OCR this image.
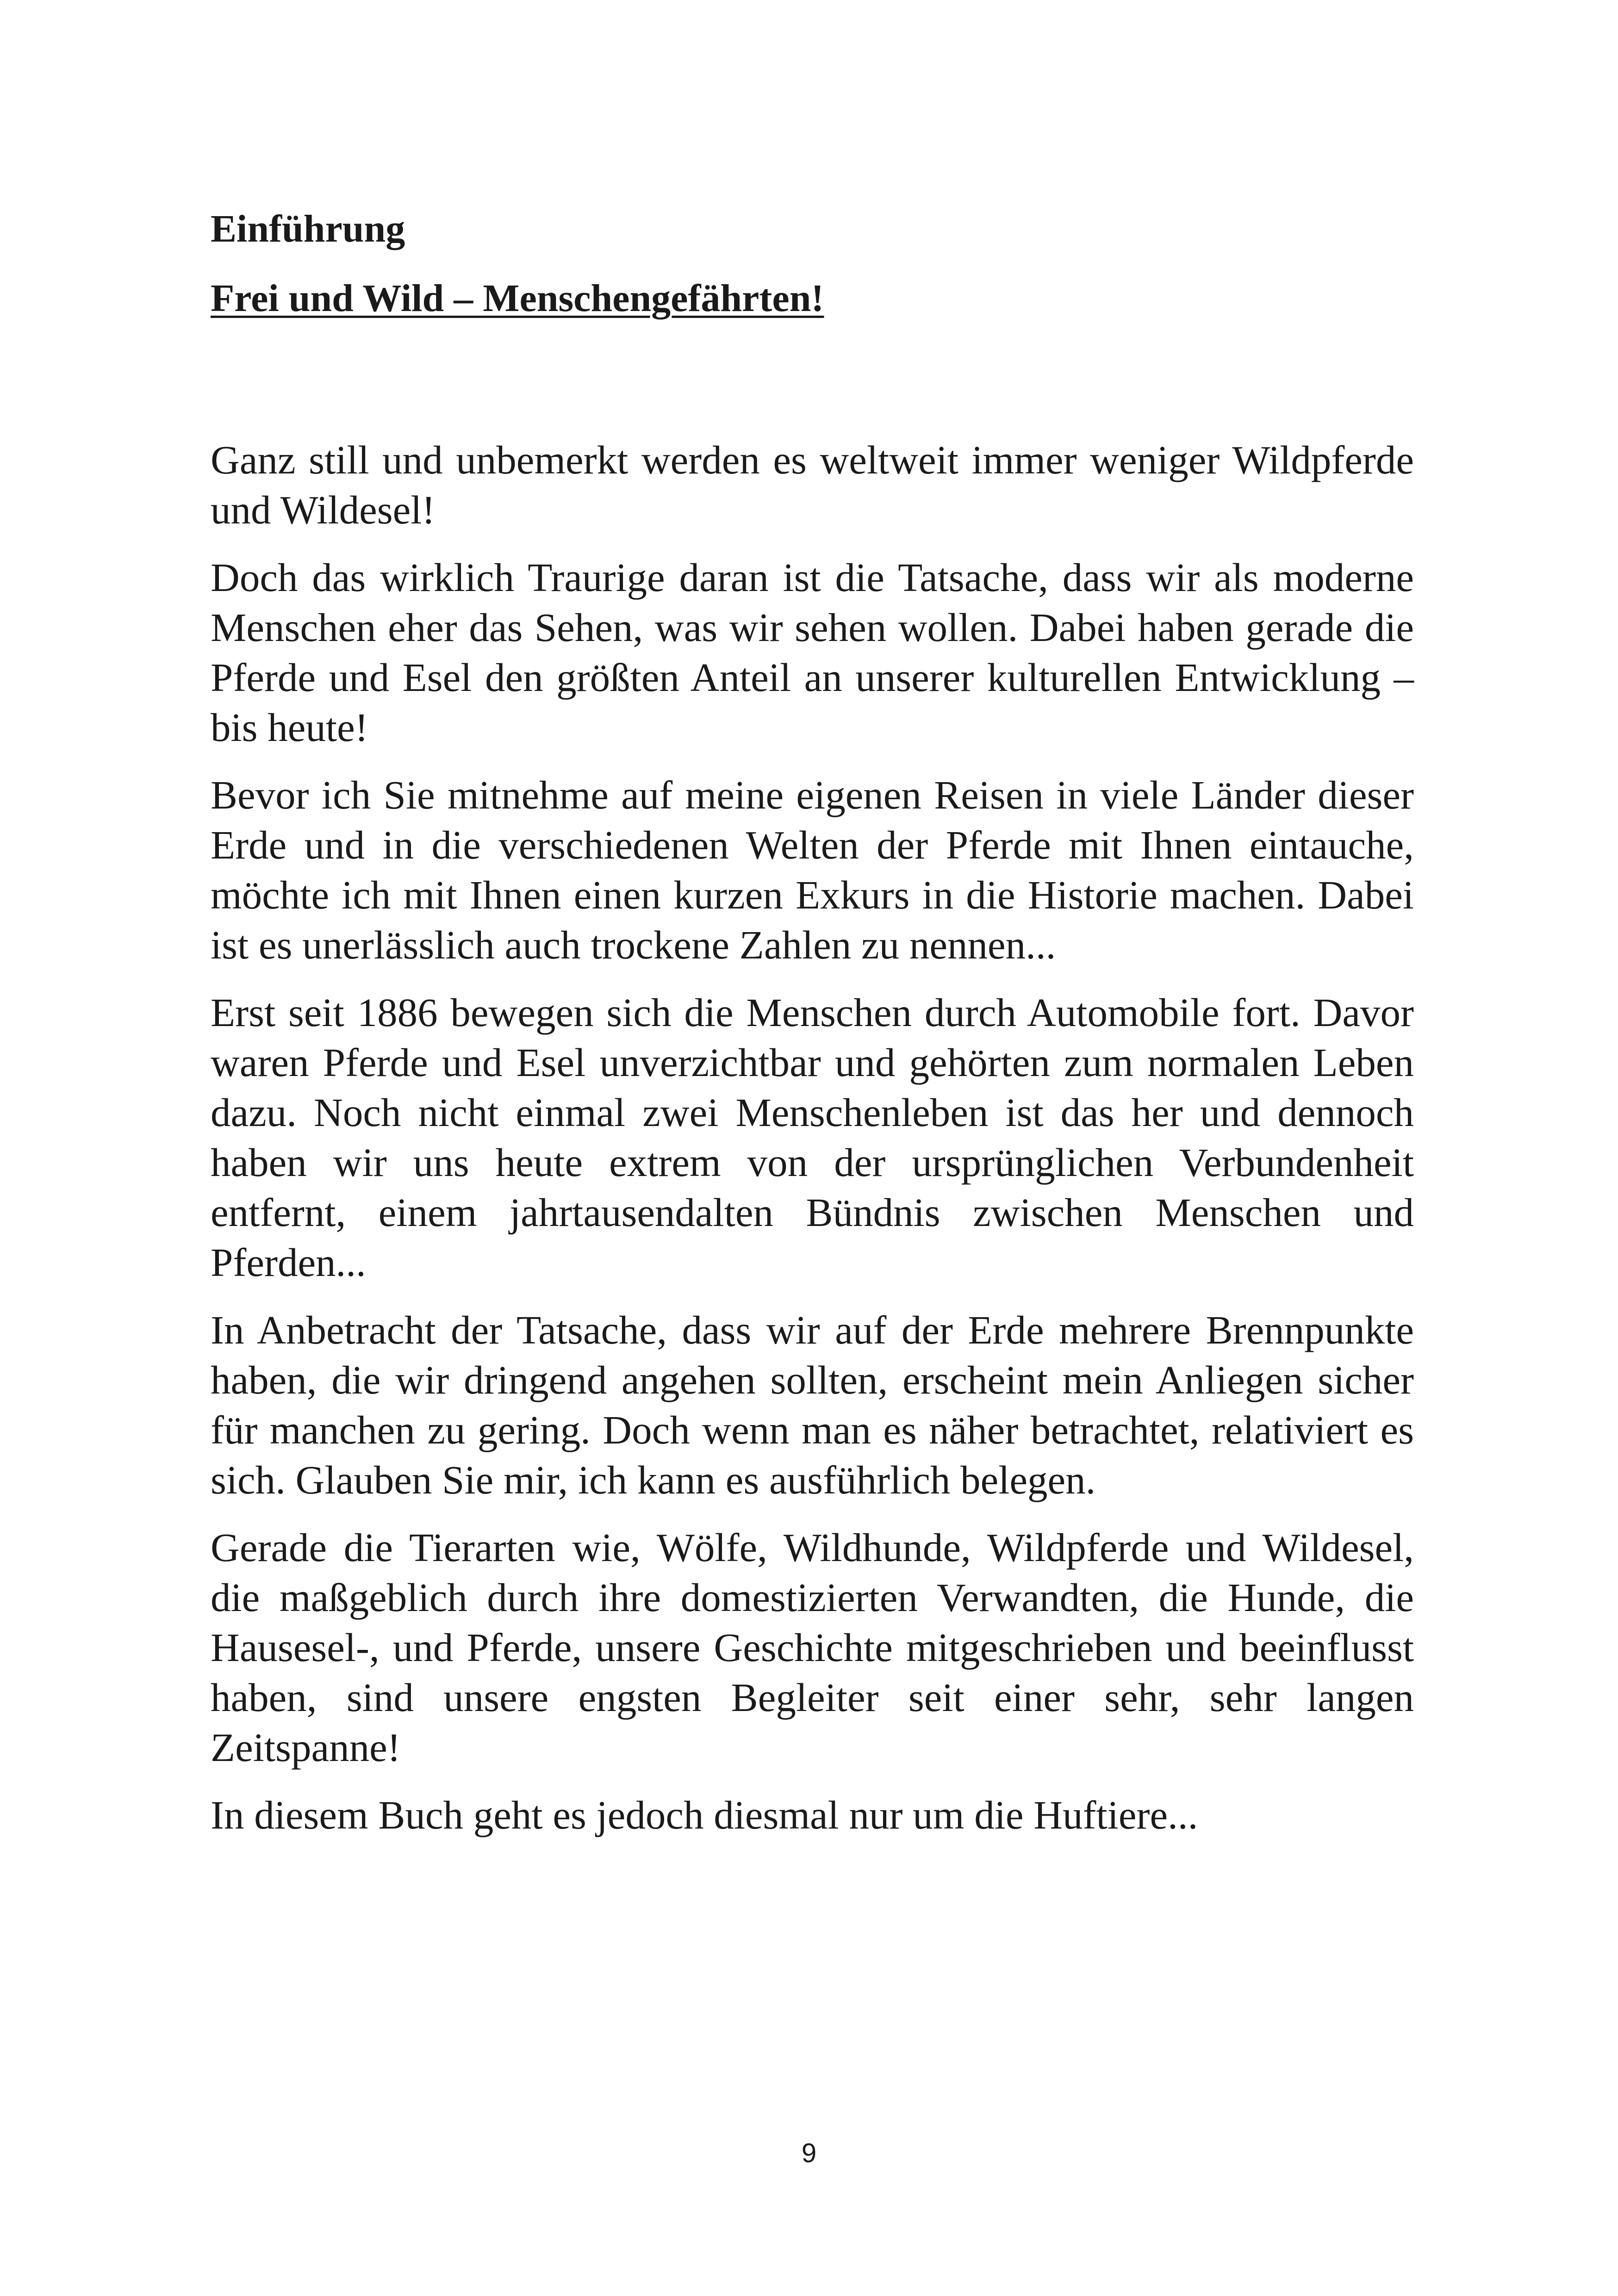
Einführung
Frei und Wild – Menschengefährten!

Ganz still und unbemerkt werden es weltweit immer weniger Wildpferde und Wildesel!

Doch das wirklich Traurige daran ist die Tatsache, dass wir als moderne Menschen eher das Sehen, was wir sehen wollen. Dabei haben gerade die Pferde und Esel den größten Anteil an unserer kulturellen Entwicklung – bis heute!

Bevor ich Sie mitnehme auf meine eigenen Reisen in viele Länder dieser Erde und in die verschiedenen Welten der Pferde mit Ihnen eintauche, möchte ich mit Ihnen einen kurzen Exkurs in die Historie machen. Dabei ist es unerlässlich auch trockene Zahlen zu nennen...

Erst seit 1886 bewegen sich die Menschen durch Automobile fort. Davor waren Pferde und Esel unverzichtbar und gehörten zum normalen Leben dazu. Noch nicht einmal zwei Menschenleben ist das her und dennoch haben wir uns heute extrem von der ursprünglichen Verbundenheit entfernt, einem jahrtausendalten Bündnis zwischen Menschen und Pferden...

In Anbetracht der Tatsache, dass wir auf der Erde mehrere Brennpunkte haben, die wir dringend angehen sollten, erscheint mein Anliegen sicher für manchen zu gering. Doch wenn man es näher betrachtet, relativiert es sich. Glauben Sie mir, ich kann es ausführlich belegen.

Gerade die Tierarten wie, Wölfe, Wildhunde, Wildpferde und Wildesel, die maßgeblich durch ihre domestizierten Verwandten, die Hunde, die Hausesel-, und Pferde, unsere Geschichte mitgeschrieben und beeinflusst haben, sind unsere engsten Begleiter seit einer sehr, sehr langen Zeitspanne!

In diesem Buch geht es jedoch diesmal nur um die Huftiere...

9
